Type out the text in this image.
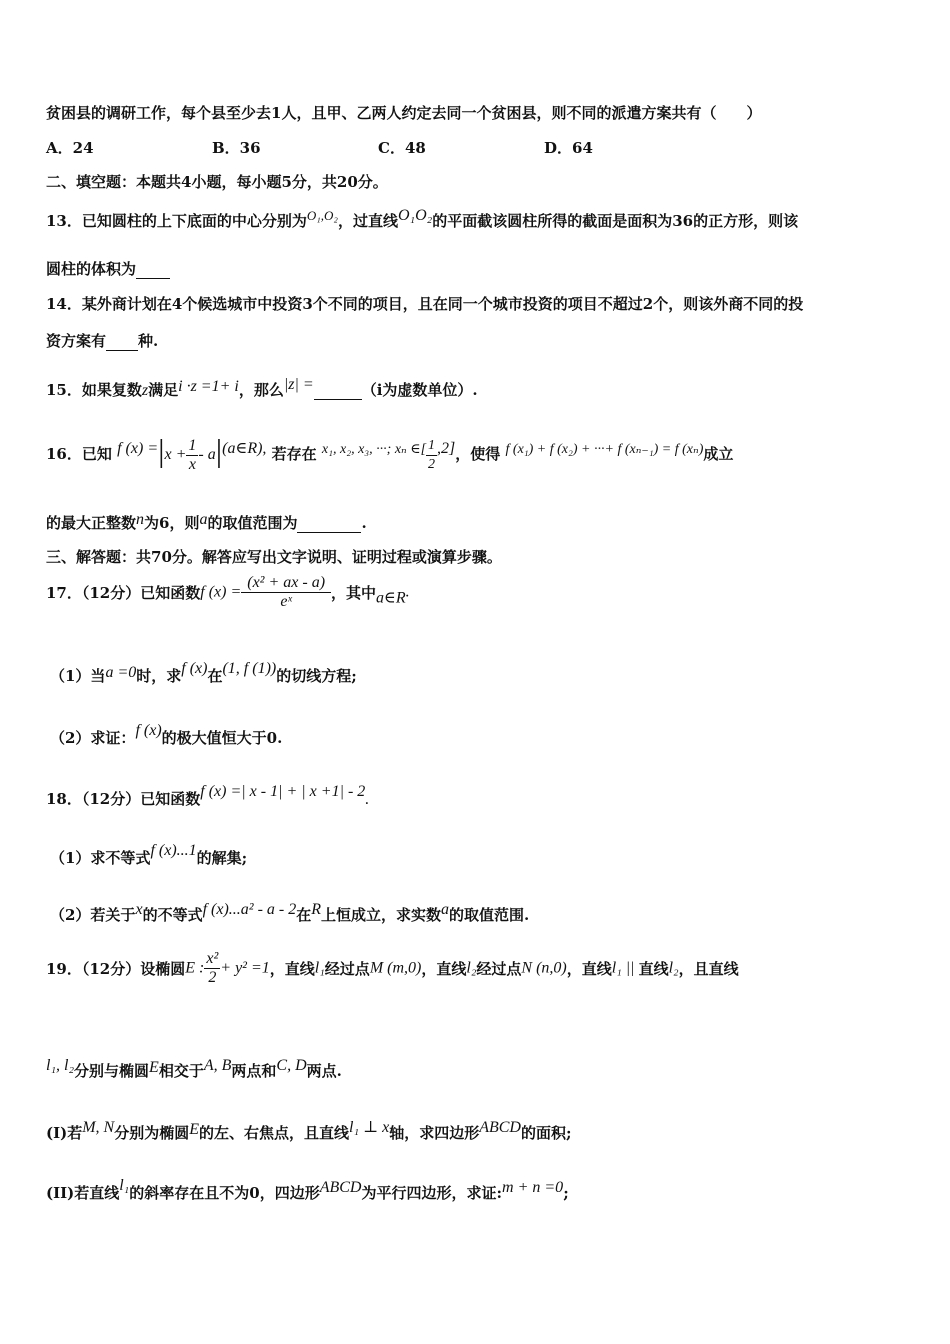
贫困县的调研工作，每个县至少去1人，且甲、乙两人约定去同一个贫困县，则不同的派遣方案共有（　　）
A．24	B．36	C．48	D．64
二、填空题：本题共4小题，每小题5分，共20分。
13．已知圆柱的上下底面的中心分别为O₁,O₂，过直线O₁O₂的平面截该圆柱所得的截面是面积为36的正方形，则该
圆柱的体积为
14．某外商计划在4个候选城市中投资3个不同的项目，且在同一个城市投资的项目不超过2个，则该外商不同的投
资方案有 种.
15．如果复数z满足i ·z =1+ i，那么|z| =	（i为虚数单位）.
16．已知 f $(x) =|x + \frac{1}{x}$ - a|(a∈R), 若存在 x₁, x₂, x₃, ···; xₙ ∈[ $\frac{1}{2} ,2$]，使得 f (x₁) + f (x₂) + ···+ f (xₙ₋₁) = f (xₙ)成立
的最大正整数n为6，则a的取值范围为	.
三、解答题：共70分。解答应写出文字说明、证明过程或演算步骤。
17．（12分）已知函数f $(x) = \frac{\text{(x² + ax - a)}}{\text{eˣ}}$ ，其中a∈R.
（1）当a =0时，求f (x)在(1, f (1))的切线方程;
（2）求证：f (x)的极大值恒大于0.
18．（12分）已知函数f (x) =| x - 1| + | x +1| - 2.
（1）求不等式f (x)...1的解集;
（2）若关于x的不等式f (x)...a² - a - 2在R上恒成立，求实数a的取值范围.
19．（12分）设椭圆E : $\frac{\text{x²}}{2} + y^2 =1$，直线l₁经过点M (m,0)，直线l₂经过点N (n,0)，直线l₁ || 直线l₂，且直线
l₁, l₂分别与椭圆E相交于A, B两点和C, D两点.
(I)若M, N分别为椭圆E的左、右焦点，且直线l₁ ⊥ x轴，求四边形ABCD的面积;
(II)若直线l₁的斜率存在且不为0，四边形ABCD为平行四边形，求证:m + n =0;
